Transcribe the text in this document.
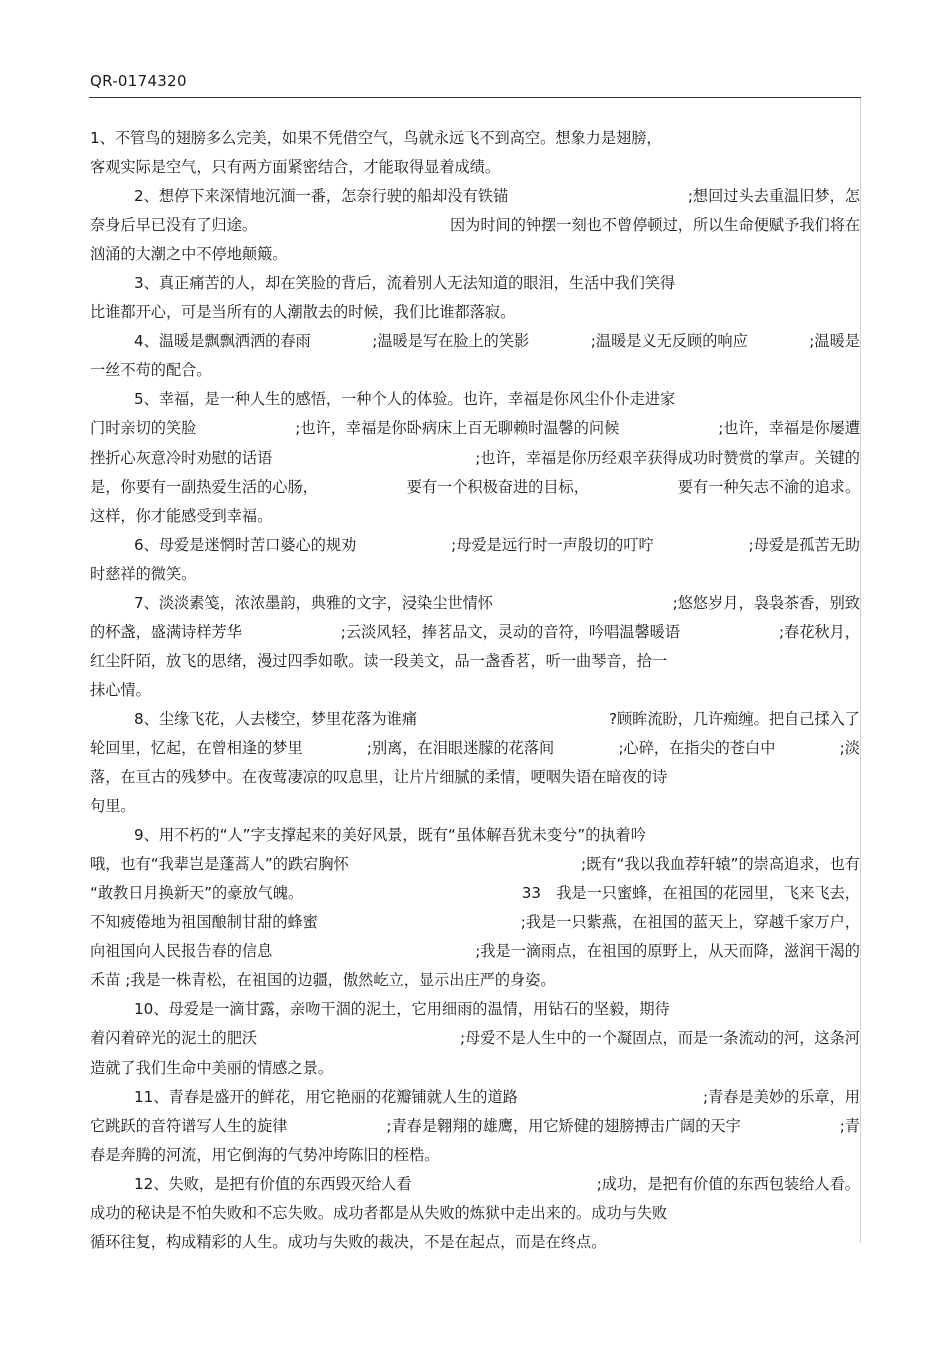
QR-0174320
1、不管鸟的翅膀多么完美，如果不凭借空气，鸟就永远飞不到高空。想象力是翅膀，
客观实际是空气，只有两方面紧密结合，才能取得显着成绩。
2、想停下来深情地沉湎一番，怎奈行驶的船却没有铁锚	;想回过头去重温旧梦，怎
奈身后早已没有了归途。	因为时间的钟摆一刻也不曾停顿过，所以生命便赋予我们将在
汹涌的大潮之中不停地颠簸。
3、真正痛苦的人，却在笑脸的背后，流着别人无法知道的眼泪，生活中我们笑得
比谁都开心，可是当所有的人潮散去的时候，我们比谁都落寂。
4、温暖是飘飘洒洒的春雨	;温暖是写在脸上的笑影	;温暖是义无反顾的响应	;温暖是
一丝不苟的配合。
5、幸福，是一种人生的感悟，一种个人的体验。也许，幸福是你风尘仆仆走进家
门时亲切的笑脸	;也许，幸福是你卧病床上百无聊赖时温馨的问候	;也许，幸福是你屡遭
挫折心灰意冷时劝慰的话语	;也许，幸福是你历经艰辛获得成功时赞赏的掌声。关键的
是，你要有一副热爱生活的心肠，	要有一个积极奋进的目标，	要有一种矢志不渝的追求。
这样，你才能感受到幸福。
6、母爱是迷惘时苦口婆心的规劝	;母爱是远行时一声殷切的叮咛	;母爱是孤苦无助
时慈祥的微笑。
7、淡淡素笺，浓浓墨韵，典雅的文字，浸染尘世情怀	;悠悠岁月，袅袅茶香，别致
的杯盏，盛满诗样芳华	;云淡风轻，捧茗品文，灵动的音符，吟唱温馨暖语	;春花秋月，
红尘阡陌，放飞的思绪，漫过四季如歌。读一段美文，品一盏香茗，听一曲琴音，拾一
抹心情。
8、尘缘飞花，人去楼空，梦里花落为谁痛	?顾眸流盼，几许痴缠。把自己揉入了
轮回里，忆起，在曾相逢的梦里	;别离，在泪眼迷朦的花落间	;心碎，在指尖的苍白中	;淡
落，在亘古的残梦中。在夜莺凄凉的叹息里，让片片细腻的柔情，哽咽失语在暗夜的诗
句里。
9、用不朽的“人”字支撑起来的美好风景，既有“虽体解吾犹未变兮”的执着吟
哦，也有“我辈岂是蓬蒿人”的跌宕胸怀	;既有“我以我血荐轩辕”的崇高追求，也有
“敢教日月换新天”的豪放气魄。	33　我是一只蜜蜂，在祖国的花园里，飞来飞去，
不知疲倦地为祖国酿制甘甜的蜂蜜	;我是一只紫燕，在祖国的蓝天上，穿越千家万户，
向祖国向人民报告春的信息	;我是一滴雨点，在祖国的原野上，从天而降，滋润干渴的
禾苗 ;我是一株青松，在祖国的边疆，傲然屹立，显示出庄严的身姿。
10、母爱是一滴甘露，亲吻干涸的泥土，它用细雨的温情，用钻石的坚毅，期待
着闪着碎光的泥土的肥沃	;母爱不是人生中的一个凝固点，而是一条流动的河，这条河
造就了我们生命中美丽的情感之景。
11、青春是盛开的鲜花，用它艳丽的花瓣铺就人生的道路	;青春是美妙的乐章，用
它跳跃的音符谱写人生的旋律	;青春是翱翔的雄鹰，用它矫健的翅膀搏击广阔的天宇	;青
春是奔腾的河流，用它倒海的气势冲垮陈旧的桎梏。
12、失败，是把有价值的东西毁灭给人看	;成功，是把有价值的东西包装给人看。
成功的秘诀是不怕失败和不忘失败。成功者都是从失败的炼狱中走出来的。成功与失败
循环往复，构成精彩的人生。成功与失败的裁决，不是在起点，而是在终点。
